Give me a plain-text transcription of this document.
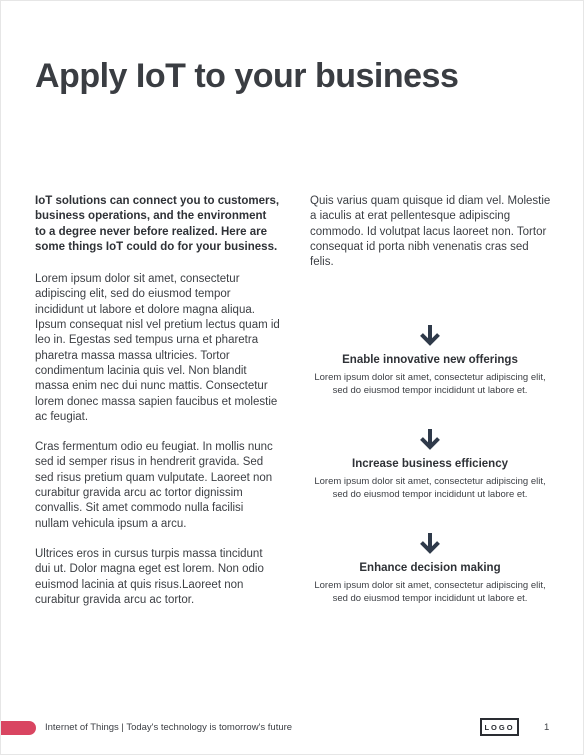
Apply IoT to your business

IoT solutions can connect you to customers, business operations, and the environment to a degree never before realized. Here are some things IoT could do for your business.

Lorem ipsum dolor sit amet, consectetur adipiscing elit, sed do eiusmod tempor incididunt ut labore et dolore magna aliqua. Ipsum consequat nisl vel pretium lectus quam id leo in. Egestas sed tempus urna et pharetra pharetra massa massa ultricies. Tortor condimentum lacinia quis vel. Non blandit massa enim nec dui nunc mattis. Consectetur lorem donec massa sapien faucibus et molestie ac feugiat.

Cras fermentum odio eu feugiat. In mollis nunc sed id semper risus in hendrerit gravida. Sed sed risus pretium quam vulputate. Laoreet non curabitur gravida arcu ac tortor dignissim convallis. Sit amet commodo nulla facilisi nullam vehicula ipsum a arcu.

Ultrices eros in cursus turpis massa tincidunt dui ut. Dolor magna eget est lorem. Non odio euismod lacinia at quis risus.Laoreet non curabitur gravida arcu ac tortor.

Quis varius quam quisque id diam vel. Molestie a iaculis at erat pellentesque adipiscing commodo. Id volutpat lacus laoreet non. Tortor consequat id porta nibh venenatis cras sed felis.

Enable innovative new offerings

Lorem ipsum dolor sit amet, consectetur adipiscing elit, sed do eiusmod tempor incididunt ut labore et.

Increase business efficiency

Lorem ipsum dolor sit amet, consectetur adipiscing elit, sed do eiusmod tempor incididunt ut labore et.

Enhance decision making

Lorem ipsum dolor sit amet, consectetur adipiscing elit, sed do eiusmod tempor incididunt ut labore et.

Internet of Things | Today's technology is tomorrow's future	LOGO	1
